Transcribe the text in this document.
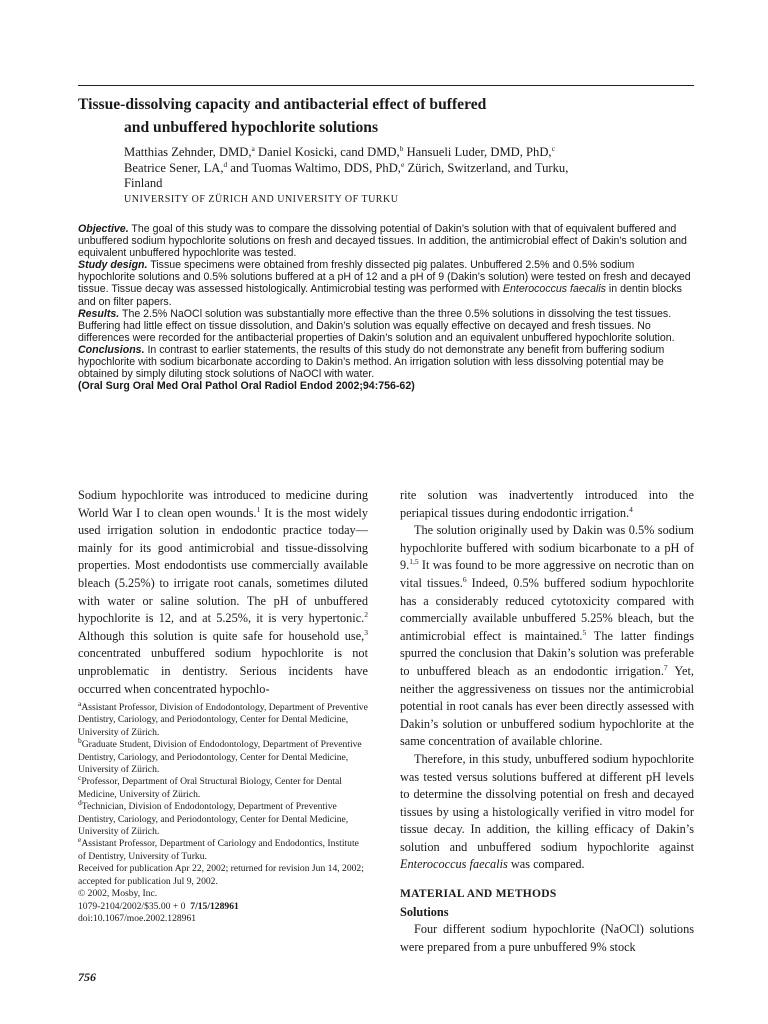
Tissue-dissolving capacity and antibacterial effect of buffered
and unbuffered hypochlorite solutions
Matthias Zehnder, DMD,$^a$ Daniel Kosicki, cand DMD,$^b$ Hansueli Luder, DMD, PhD,$^c$
Beatrice Sener, LA,$^d$ and Tuomas Waltimo, DDS, PhD,$^e$ Zürich, Switzerland, and Turku,
Finland
UNIVERSITY OF ZÜRICH AND UNIVERSITY OF TURKU

Objective. The goal of this study was to compare the dissolving potential of Dakin’s solution with that of equivalent buffered and unbuffered sodium hypochlorite solutions on fresh and decayed tissues. In addition, the antimicrobial effect of Dakin’s solution and equivalent unbuffered hypochlorite was tested.

Study design. Tissue specimens were obtained from freshly dissected pig palates. Unbuffered 2.5% and 0.5% sodium hypochlorite solutions and 0.5% solutions buffered at a pH of 12 and a pH of 9 (Dakin’s solution) were tested on fresh and decayed tissue. Tissue decay was assessed histologically. Antimicrobial testing was performed with Enterococcus faecalis in dentin blocks and on filter papers.

Results. The 2.5% NaOCl solution was substantially more effective than the three 0.5% solutions in dissolving the test tissues. Buffering had little effect on tissue dissolution, and Dakin’s solution was equally effective on decayed and fresh tissues. No differences were recorded for the antibacterial properties of Dakin’s solution and an equivalent unbuffered hypochlorite solution.

Conclusions. In contrast to earlier statements, the results of this study do not demonstrate any benefit from buffering sodium hypochlorite with sodium bicarbonate according to Dakin’s method. An irrigation solution with less dissolving potential may be obtained by simply diluting stock solutions of NaOCl with water.

(Oral Surg Oral Med Oral Pathol Oral Radiol Endod 2002;94:756-62)

Sodium hypochlorite was introduced to medicine during World War I to clean open wounds.$^1$ It is the most widely used irrigation solution in endodontic practice today—mainly for its good antimicrobial and tissue-dissolving properties. Most endodontists use commercially available bleach (5.25%) to irrigate root canals, sometimes diluted with water or saline solution. The pH of unbuffered hypochlorite is 12, and at 5.25%, it is very hypertonic.$^2$ Although this solution is quite safe for household use,$^3$ concentrated unbuffered sodium hypochlorite is not unproblematic in dentistry. Serious incidents have occurred when concentrated hypochlo-

$^a$Assistant Professor, Division of Endodontology, Department of Preventive Dentistry, Cariology, and Periodontology, Center for Dental Medicine, University of Zürich.

$^b$Graduate Student, Division of Endodontology, Department of Preventive Dentistry, Cariology, and Periodontology, Center for Dental Medicine, University of Zürich.

$^c$Professor, Department of Oral Structural Biology, Center for Dental Medicine, University of Zürich.

$^d$Technician, Division of Endodontology, Department of Preventive Dentistry, Cariology, and Periodontology, Center for Dental Medicine, University of Zürich.

$^e$Assistant Professor, Department of Cariology and Endodontics, Institute of Dentistry, University of Turku.

Received for publication Apr 22, 2002; returned for revision Jun 14, 2002; accepted for publication Jul 9, 2002.

© 2002, Mosby, Inc.

1079-2104/2002/$35.00 + 0 7/15/128961

doi:10.1067/moe.2002.128961

rite solution was inadvertently introduced into the periapical tissues during endodontic irrigation.$^4$

The solution originally used by Dakin was 0.5% sodium hypochlorite buffered with sodium bicarbonate to a pH of 9.$^{1,5}$ It was found to be more aggressive on necrotic than on vital tissues.$^6$ Indeed, 0.5% buffered sodium hypochlorite has a considerably reduced cytotoxicity compared with commercially available unbuffered 5.25% bleach, but the antimicrobial effect is maintained.$^5$ The latter findings spurred the conclusion that Dakin’s solution was preferable to unbuffered bleach as an endodontic irrigation.$^7$ Yet, neither the aggressiveness on tissues nor the antimicrobial potential in root canals has ever been directly assessed with Dakin’s solution or unbuffered sodium hypochlorite at the same concentration of available chlorine.

Therefore, in this study, unbuffered sodium hypochlorite was tested versus solutions buffered at different pH levels to determine the dissolving potential on fresh and decayed tissues by using a histologically verified in vitro model for tissue decay. In addition, the killing efficacy of Dakin’s solution and unbuffered sodium hypochlorite against Enterococcus faecalis was compared.

MATERIAL AND METHODS

Solutions

Four different sodium hypochlorite (NaOCl) solutions were prepared from a pure unbuffered 9% stock

756
